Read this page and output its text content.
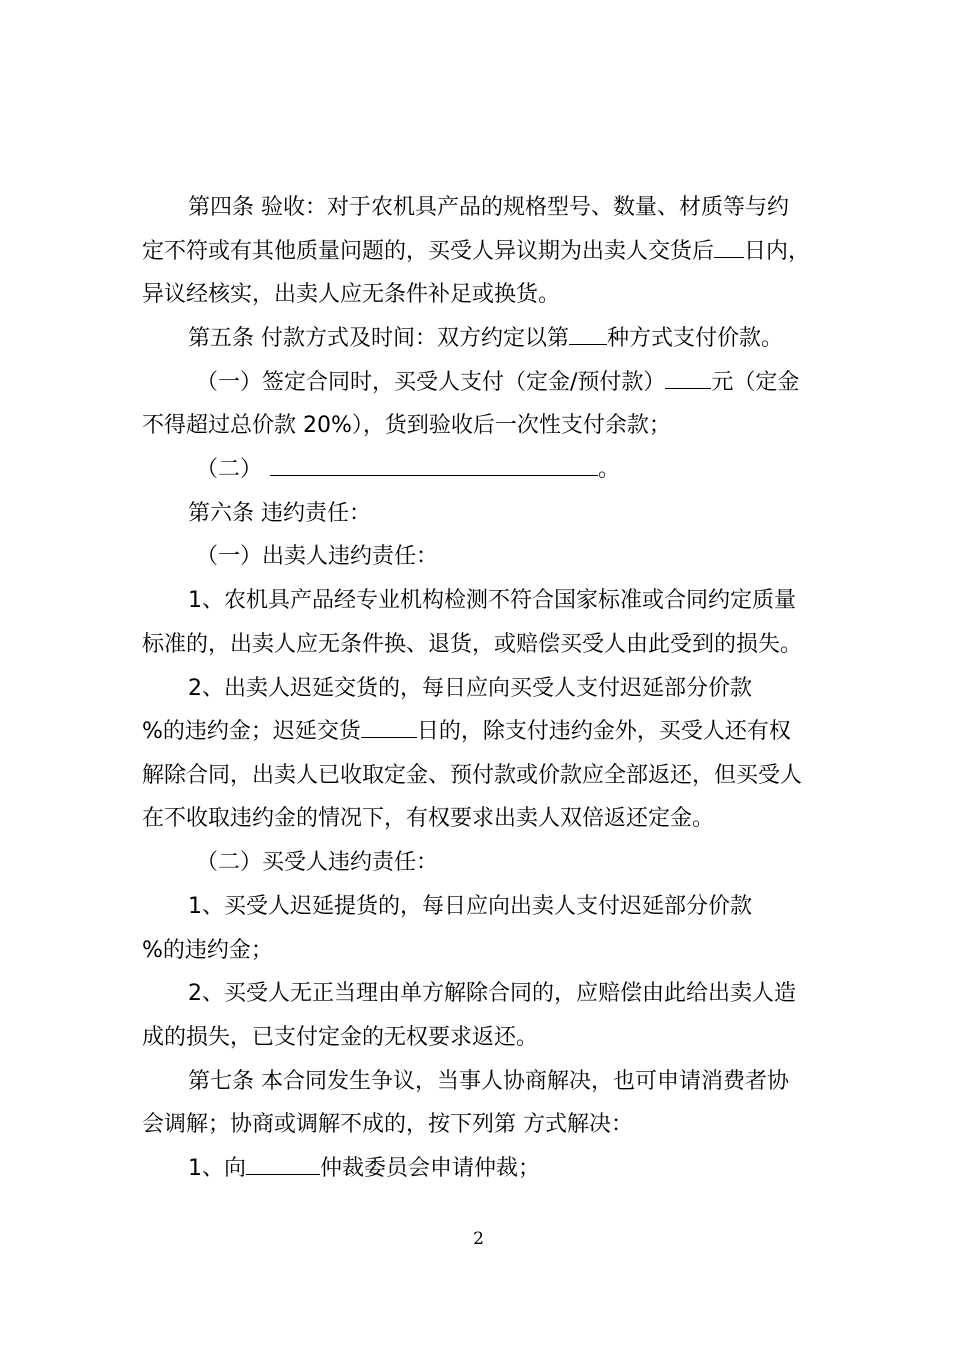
第四条 验收：对于农机具产品的规格型号、数量、材质等与约
定不符或有其他质量问题的，买受人异议期为出卖人交货后 日内，
异议经核实，出卖人应无条件补足或换货。
第五条 付款方式及时间：双方约定以第 种方式支付价款。
（一）签定合同时，买受人支付（定金/预付款） 元（定金
不得超过总价款 20%），货到验收后一次性支付余款；
（二）	。
第六条 违约责任：
（一）出卖人违约责任：
1、农机具产品经专业机构检测不符合国家标准或合同约定质量
标准的，出卖人应无条件换、退货，或赔偿买受人由此受到的损失。
2、出卖人迟延交货的，每日应向买受人支付迟延部分价款
%的违约金；迟延交货	日的，除支付违约金外，买受人还有权
解除合同，出卖人已收取定金、预付款或价款应全部返还，但买受人
在不收取违约金的情况下，有权要求出卖人双倍返还定金。
（二）买受人违约责任：
1、买受人迟延提货的，每日应向出卖人支付迟延部分价款
%的违约金；
2、买受人无正当理由单方解除合同的，应赔偿由此给出卖人造
成的损失，已支付定金的无权要求返还。
第七条 本合同发生争议，当事人协商解决，也可申请消费者协
会调解；协商或调解不成的，按下列第 方式解决：
1、向	仲裁委员会申请仲裁；
2
